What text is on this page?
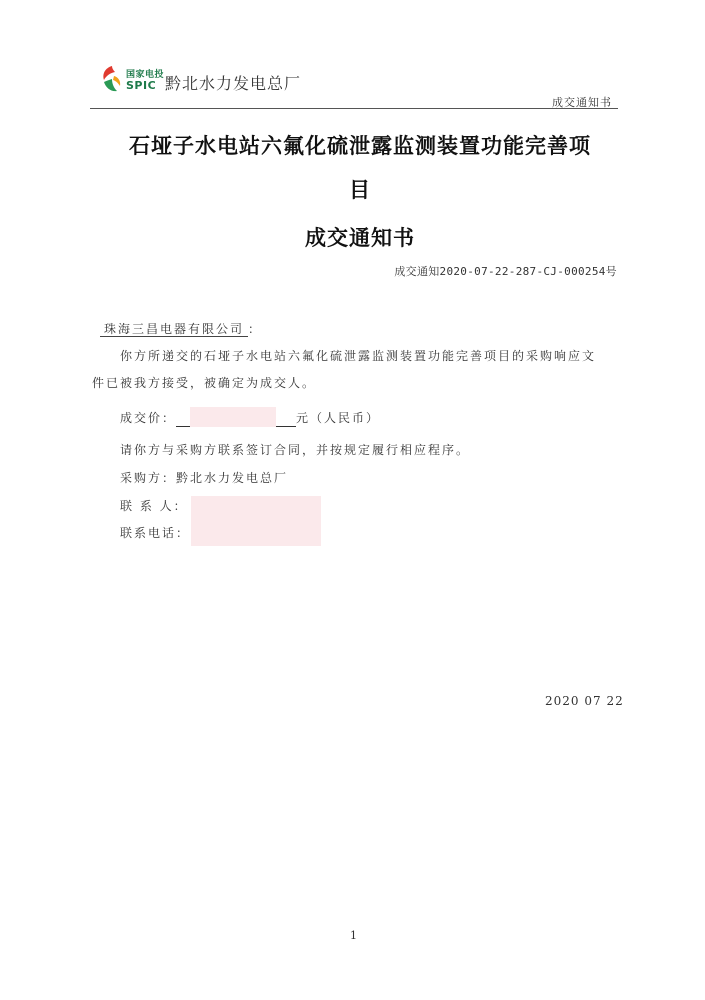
国家电投
SPIC 黔北水力发电总厂
成交通知书
石垭子水电站六氟化硫泄露监测装置功能完善项
目
成交通知书
成交通知2020-07-22-287-CJ-000254号
珠海三昌电器有限公司 ：
你方所递交的石垭子水电站六氟化硫泄露监测装置功能完善项目的采购响应文
件已被我方接受，被确定为成交人。
成交价：	元（人民币）
请你方与采购方联系签订合同，并按规定履行相应程序。
采购方：黔北水力发电总厂
联 系 人：
联系电话：
2020 07 22
1
